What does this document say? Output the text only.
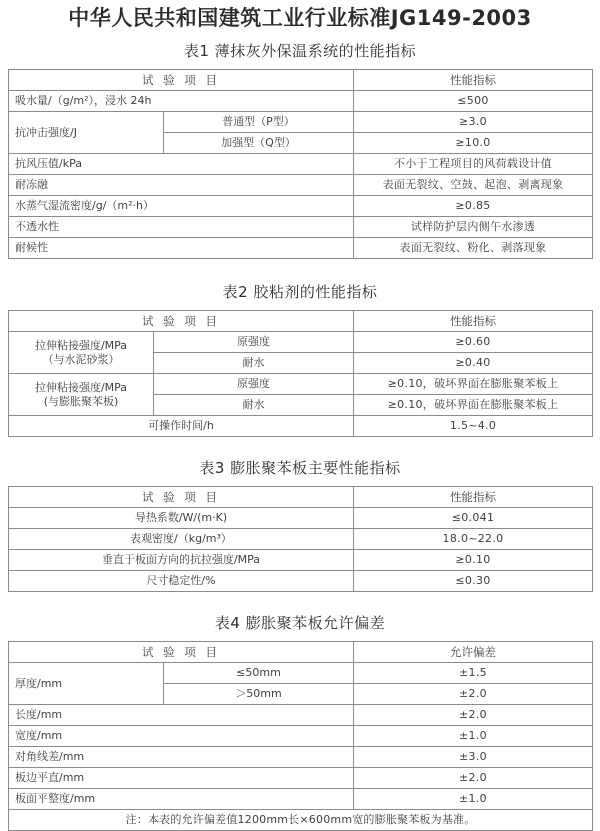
中华人民共和国建筑工业行业标准JG149-2003
表1 薄抹灰外保温系统的性能指标
试 验 项 目		性能指标
吸水量/（g/m²），浸水 24h		≤500
抗冲击强度/J	普通型（P型）	≥3.0
	加强型（Q型）	≥10.0
抗风压值/kPa		不小于工程项目的风荷载设计值
耐冻融		表面无裂纹、空鼓、起泡、剥离现象
水蒸气湿流密度/g/（m²·h）		≥0.85
不透水性		试样防护层内侧午水渗透
耐候性		表面无裂纹、粉化、剥落现象
表2 胶粘剂的性能指标
试 验 项 目		性能指标

拉伸粘接强度/MPa
（与水泥砂浆）	原强度	≥0.60
	耐水	≥0.40

拉伸粘接强度/MPa
(与膨胀聚苯板)	原强度	≥0.10，破坏界面在膨胀聚苯板上
	耐水	≥0.10，破坏界面在膨胀聚苯板上
可操作时间/h		1.5~4.0
表3 膨胀聚苯板主要性能指标
试 验 项 目	性能指标
导热系数/W/(m·K)	≤0.041
表观密度/（kg/m³）	18.0~22.0
垂直于板面方向的抗拉强度/MPa	≥0.10
尺寸稳定性/%	≤0.30
表4 膨胀聚苯板允许偏差
试 验 项 目		允许偏差
厚度/mm	≤50mm	±1.5
	＞50mm	±2.0
长度/mm		±2.0
宽度/mm		±1.0
对角线差/mm		±3.0
板边平直/mm		±2.0
板面平整度/mm		±1.0
注：本表的允许偏差值1200mm长×600mm宽的膨胀聚苯板为基准。		
